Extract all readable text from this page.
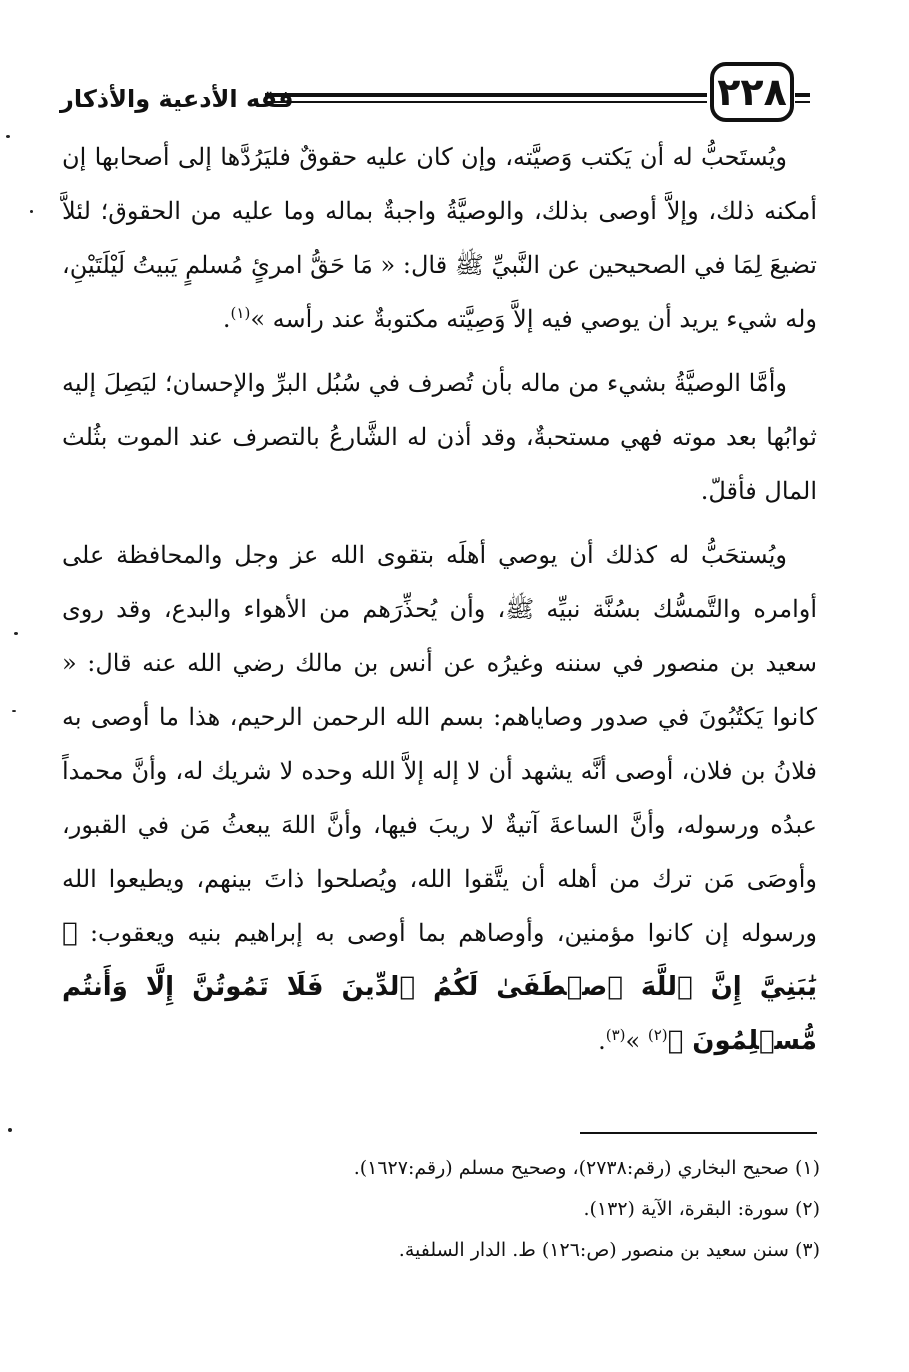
فقه الأدعية والأذكار	٢٢٨

ويُستَحبُّ له أن يَكتب وَصيَّته، وإن كان عليه حقوقٌ فليَرُدَّها إلى أصحابها إن أمكنه ذلك، وإلاَّ أوصى بذلك، والوصيَّةُ واجبةٌ بماله وما عليه من الحقوق؛ لئلاَّ تضيعَ لِمَا في الصحيحين عن النَّبيِّ ﷺ قال: « مَا حَقُّ امرئٍ مُسلمٍ يَبيتُ لَيْلَتَيْنِ، وله شيء يريد أن يوصي فيه إلاَّ وَصِيَّته مكتوبةٌ عند رأسه »$^{(١)}$.

وأمَّا الوصيَّةُ بشيء من ماله بأن تُصرف في سُبُل البرِّ والإحسان؛ ليَصِلَ إليه ثوابُها بعد موته فهي مستحبةٌ، وقد أذن له الشَّارعُ بالتصرف عند الموت بثُلث المال فأقلّ.

ويُستحَبُّ له كذلك أن يوصي أهلَه بتقوى الله عز وجل والمحافظة على أوامره والتَّمسُّك بسُنَّة نبيِّه ﷺ، وأن يُحذِّرَهم من الأهواء والبدع، وقد روى سعيد بن منصور في سننه وغيرُه عن أنس بن مالك رضي الله عنه قال: « كانوا يَكتُبُونَ في صدور وصاياهم: بسم الله الرحمن الرحيم، هذا ما أوصى به فلانُ بن فلان، أوصى أنَّه يشهد أن لا إله إلاَّ الله وحده لا شريك له، وأنَّ محمداً عبدُه ورسوله، وأنَّ الساعةَ آتيةٌ لا ريبَ فيها، وأنَّ اللهَ يبعثُ مَن في القبور، وأوصَى مَن ترك من أهله أن يتَّقوا الله، ويُصلحوا ذاتَ بينهم، ويطيعوا الله ورسوله إن كانوا مؤمنين، وأوصاهم بما أوصى به إبراهيم بنيه ويعقوب: ﴿ يَٰبَنِيَّ إِنَّ ٱللَّهَ ٱصۡطَفَىٰ لَكُمُ ٱلدِّينَ فَلَا تَمُوتُنَّ إِلَّا وَأَنتُم مُّسۡلِمُونَ ﴾$^{(٢)}$ »$^{(٣)}$.

(١) صحيح البخاري (رقم:٢٧٣٨)، وصحيح مسلم (رقم:١٦٢٧).

(٢) سورة: البقرة، الآية (١٣٢).

(٣) سنن سعيد بن منصور (ص:١٢٦) ط. الدار السلفية.
